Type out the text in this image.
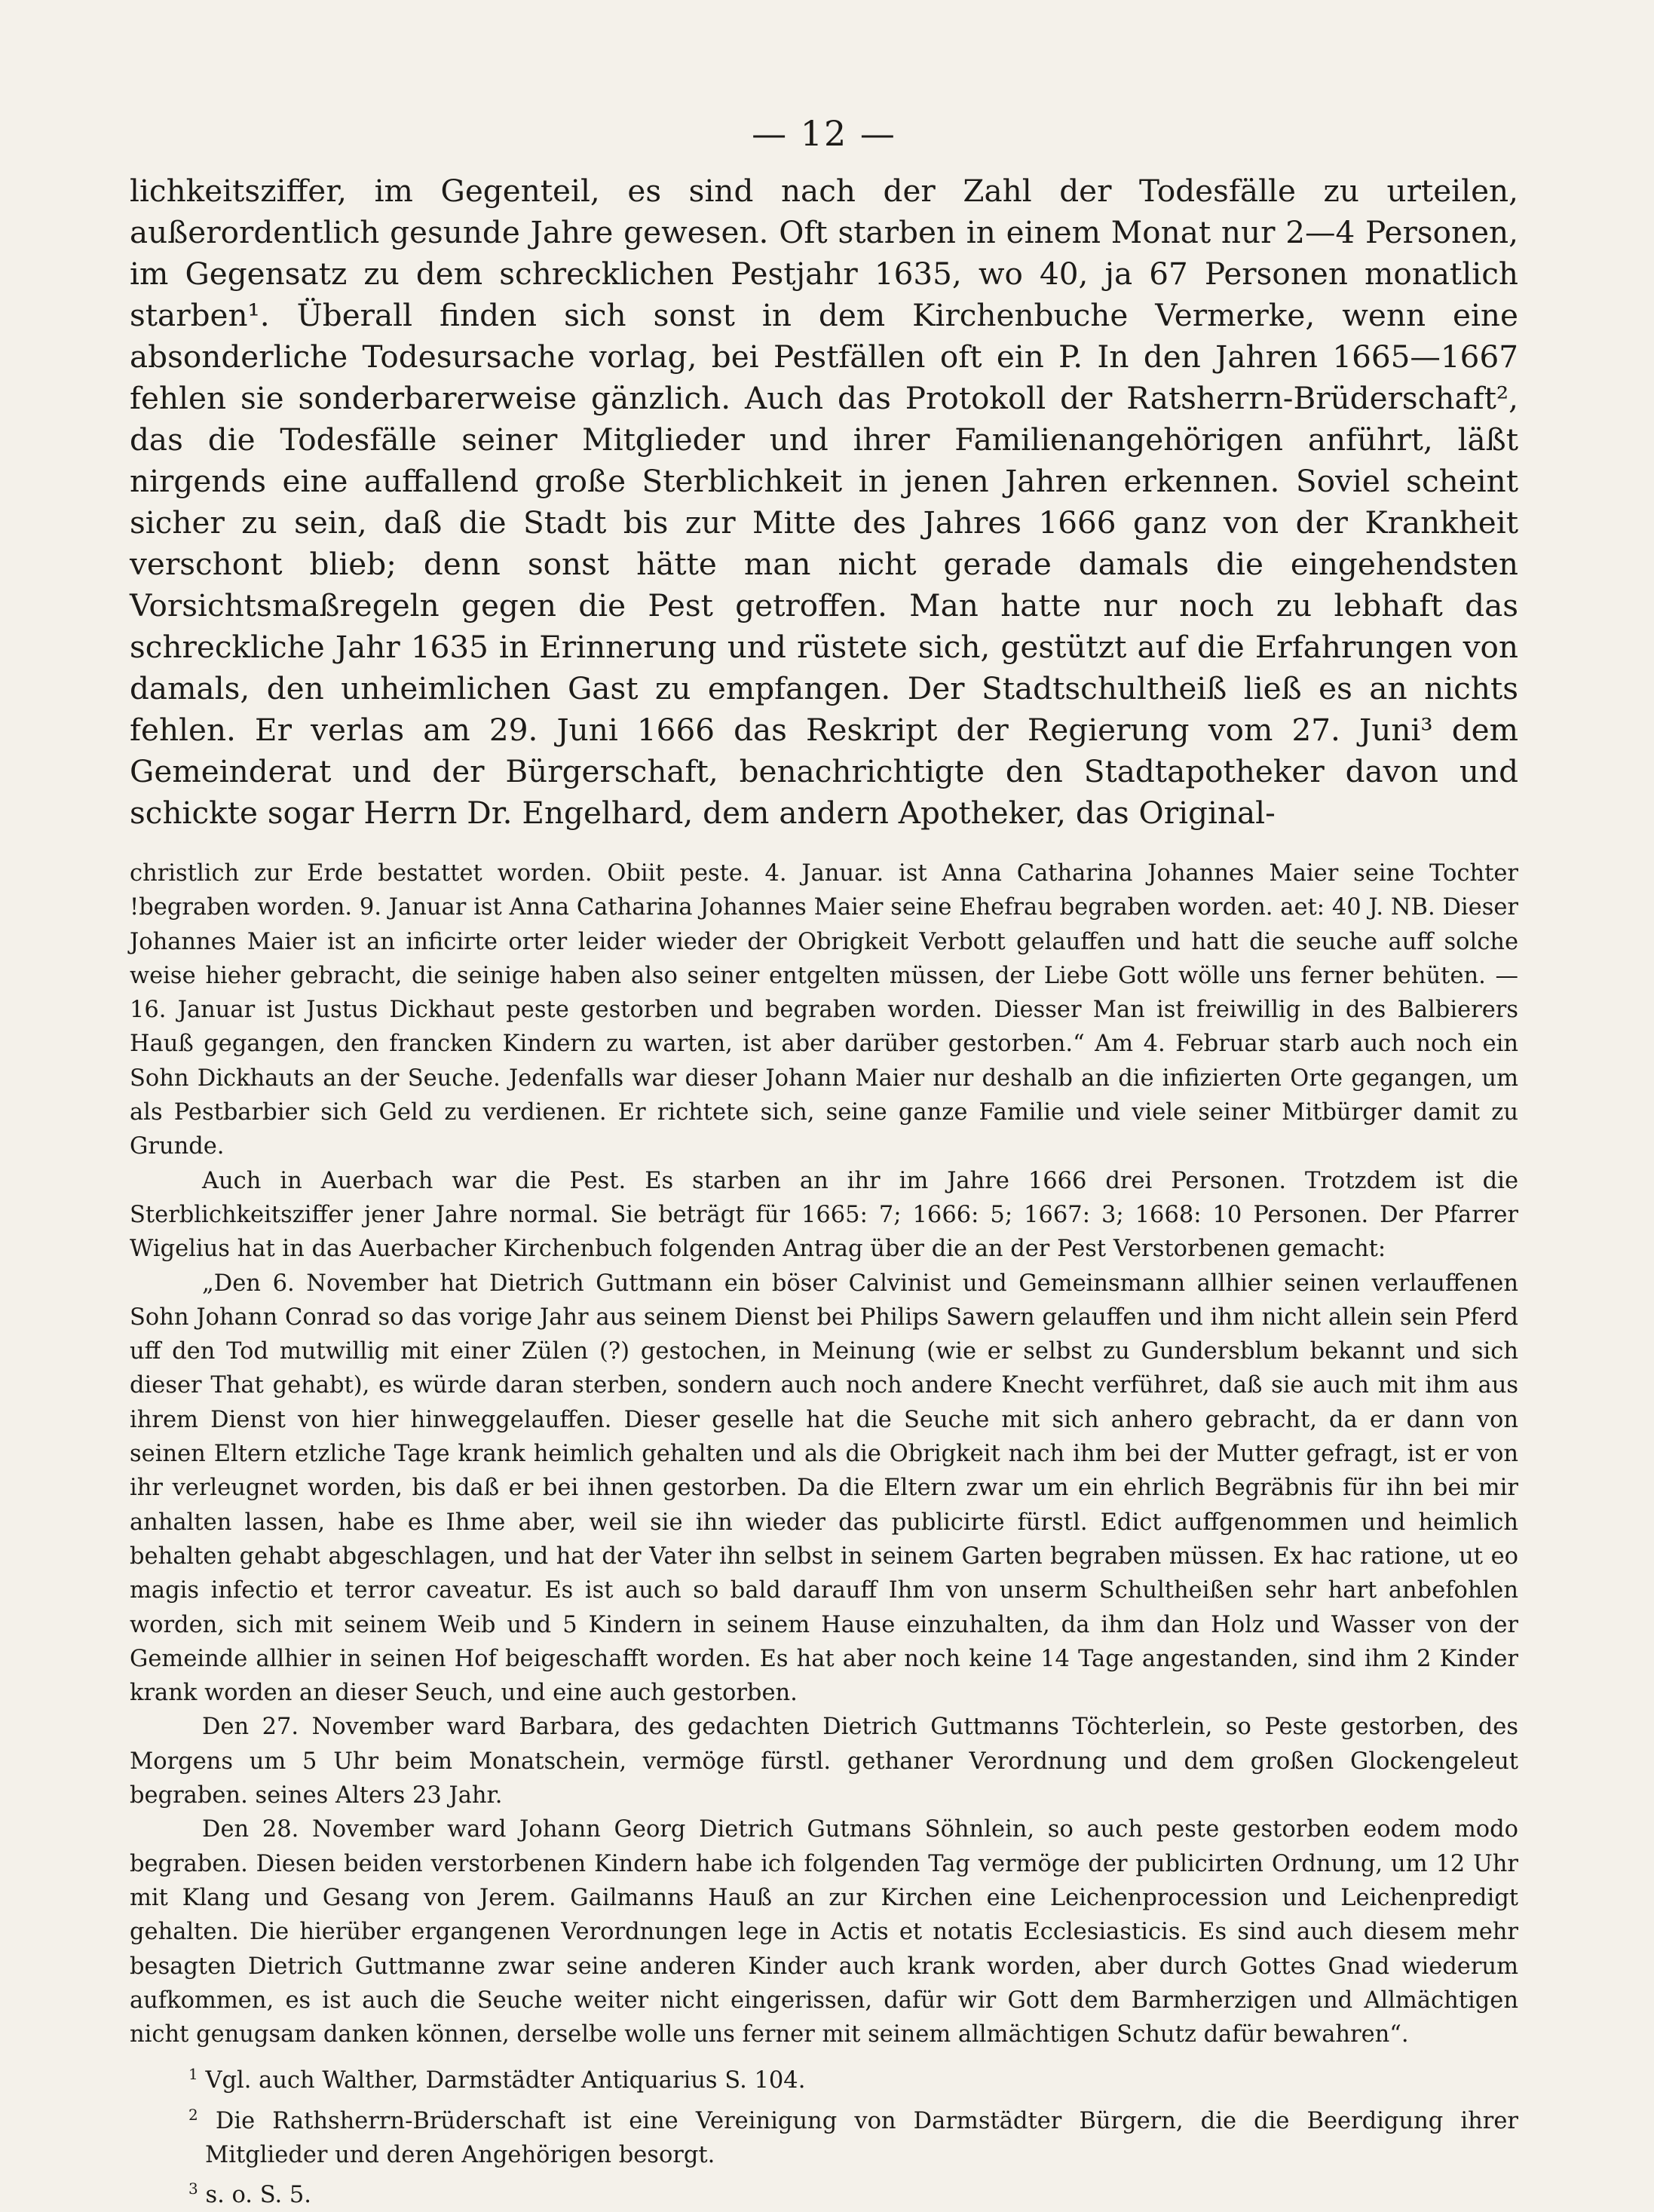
— 12 —

lichkeitsziffer, im Gegenteil, es sind nach der Zahl der Todesfälle zu urteilen, außerordentlich gesunde Jahre gewesen. Oft starben in einem Monat nur 2—4 Personen, im Gegensatz zu dem schrecklichen Pestjahr 1635, wo 40, ja 67 Personen monatlich starben¹. Überall finden sich sonst in dem Kirchenbuche Vermerke, wenn eine absonderliche Todesursache vorlag, bei Pestfällen oft ein P. In den Jahren 1665—1667 fehlen sie sonderbarerweise gänzlich. Auch das Protokoll der Ratsherrn-Brüderschaft², das die Todesfälle seiner Mitglieder und ihrer Familienangehörigen anführt, läßt nirgends eine auffallend große Sterblichkeit in jenen Jahren erkennen. Soviel scheint sicher zu sein, daß die Stadt bis zur Mitte des Jahres 1666 ganz von der Krankheit verschont blieb; denn sonst hätte man nicht gerade damals die eingehendsten Vorsichtsmaßregeln gegen die Pest getroffen. Man hatte nur noch zu lebhaft das schreckliche Jahr 1635 in Erinnerung und rüstete sich, gestützt auf die Erfahrungen von damals, den unheimlichen Gast zu empfangen. Der Stadtschultheiß ließ es an nichts fehlen. Er verlas am 29. Juni 1666 das Reskript der Regierung vom 27. Juni³ dem Gemeinderat und der Bürgerschaft, benachrichtigte den Stadtapotheker davon und schickte sogar Herrn Dr. Engelhard, dem andern Apotheker, das Original-

christlich zur Erde bestattet worden. Obiit peste. 4. Januar. ist Anna Catharina Johannes Maier seine Tochter !begraben worden. 9. Januar ist Anna Catharina Johannes Maier seine Ehefrau begraben worden. aet: 40 J. NB. Dieser Johannes Maier ist an inficirte orter leider wieder der Obrigkeit Verbott gelauffen und hatt die seuche auff solche weise hieher gebracht, die seinige haben also seiner entgelten müssen, der Liebe Gott wölle uns ferner behüten. — 16. Januar ist Justus Dickhaut peste gestorben und begraben worden. Diesser Man ist freiwillig in des Balbierers Hauß gegangen, den francken Kindern zu warten, ist aber darüber gestorben.“ Am 4. Februar starb auch noch ein Sohn Dickhauts an der Seuche. Jedenfalls war dieser Johann Maier nur deshalb an die infizierten Orte gegangen, um als Pestbarbier sich Geld zu verdienen. Er richtete sich, seine ganze Familie und viele seiner Mitbürger damit zu Grunde.

Auch in Auerbach war die Pest. Es starben an ihr im Jahre 1666 drei Personen. Trotzdem ist die Sterblichkeitsziffer jener Jahre normal. Sie beträgt für 1665: 7; 1666: 5; 1667: 3; 1668: 10 Personen. Der Pfarrer Wigelius hat in das Auerbacher Kirchenbuch folgenden Antrag über die an der Pest Verstorbenen gemacht:

„Den 6. November hat Dietrich Guttmann ein böser Calvinist und Gemeinsmann allhier seinen verlauffenen Sohn Johann Conrad so das vorige Jahr aus seinem Dienst bei Philips Sawern gelauffen und ihm nicht allein sein Pferd uff den Tod mutwillig mit einer Zülen (?) gestochen, in Meinung (wie er selbst zu Gundersblum bekannt und sich dieser That gehabt), es würde daran sterben, sondern auch noch andere Knecht verführet, daß sie auch mit ihm aus ihrem Dienst von hier hinweggelauffen. Dieser geselle hat die Seuche mit sich anhero gebracht, da er dann von seinen Eltern etzliche Tage krank heimlich gehalten und als die Obrigkeit nach ihm bei der Mutter gefragt, ist er von ihr verleugnet worden, bis daß er bei ihnen gestorben. Da die Eltern zwar um ein ehrlich Begräbnis für ihn bei mir anhalten lassen, habe es Ihme aber, weil sie ihn wieder das publicirte fürstl. Edict auffgenommen und heimlich behalten gehabt abgeschlagen, und hat der Vater ihn selbst in seinem Garten begraben müssen. Ex hac ratione, ut eo magis infectio et terror caveatur. Es ist auch so bald darauff Ihm von unserm Schultheißen sehr hart anbefohlen worden, sich mit seinem Weib und 5 Kindern in seinem Hause einzuhalten, da ihm dan Holz und Wasser von der Gemeinde allhier in seinen Hof beigeschafft worden. Es hat aber noch keine 14 Tage angestanden, sind ihm 2 Kinder krank worden an dieser Seuch, und eine auch gestorben.

Den 27. November ward Barbara, des gedachten Dietrich Guttmanns Töchterlein, so Peste gestorben, des Morgens um 5 Uhr beim Monatschein, vermöge fürstl. gethaner Verordnung und dem großen Glockengeleut begraben. seines Alters 23 Jahr.

Den 28. November ward Johann Georg Dietrich Gutmans Söhnlein, so auch peste gestorben eodem modo begraben. Diesen beiden verstorbenen Kindern habe ich folgenden Tag vermöge der publicirten Ordnung, um 12 Uhr mit Klang und Gesang von Jerem. Gailmanns Hauß an zur Kirchen eine Leichenprocession und Leichenpredigt gehalten. Die hierüber ergangenen Verordnungen lege in Actis et notatis Ecclesiasticis. Es sind auch diesem mehr besagten Dietrich Guttmanne zwar seine anderen Kinder auch krank worden, aber durch Gottes Gnad wiederum aufkommen, es ist auch die Seuche weiter nicht eingerissen, dafür wir Gott dem Barmherzigen und Allmächtigen nicht genugsam danken können, derselbe wolle uns ferner mit seinem allmächtigen Schutz dafür bewahren“.

$^1$ Vgl. auch Walther, Darmstädter Antiquarius S. 104.

$^2$ Die Rathsherrn-Brüderschaft ist eine Vereinigung von Darmstädter Bürgern, die die Beerdigung ihrer Mitglieder und deren Angehörigen besorgt.

$^3$ s. o. S. 5.
